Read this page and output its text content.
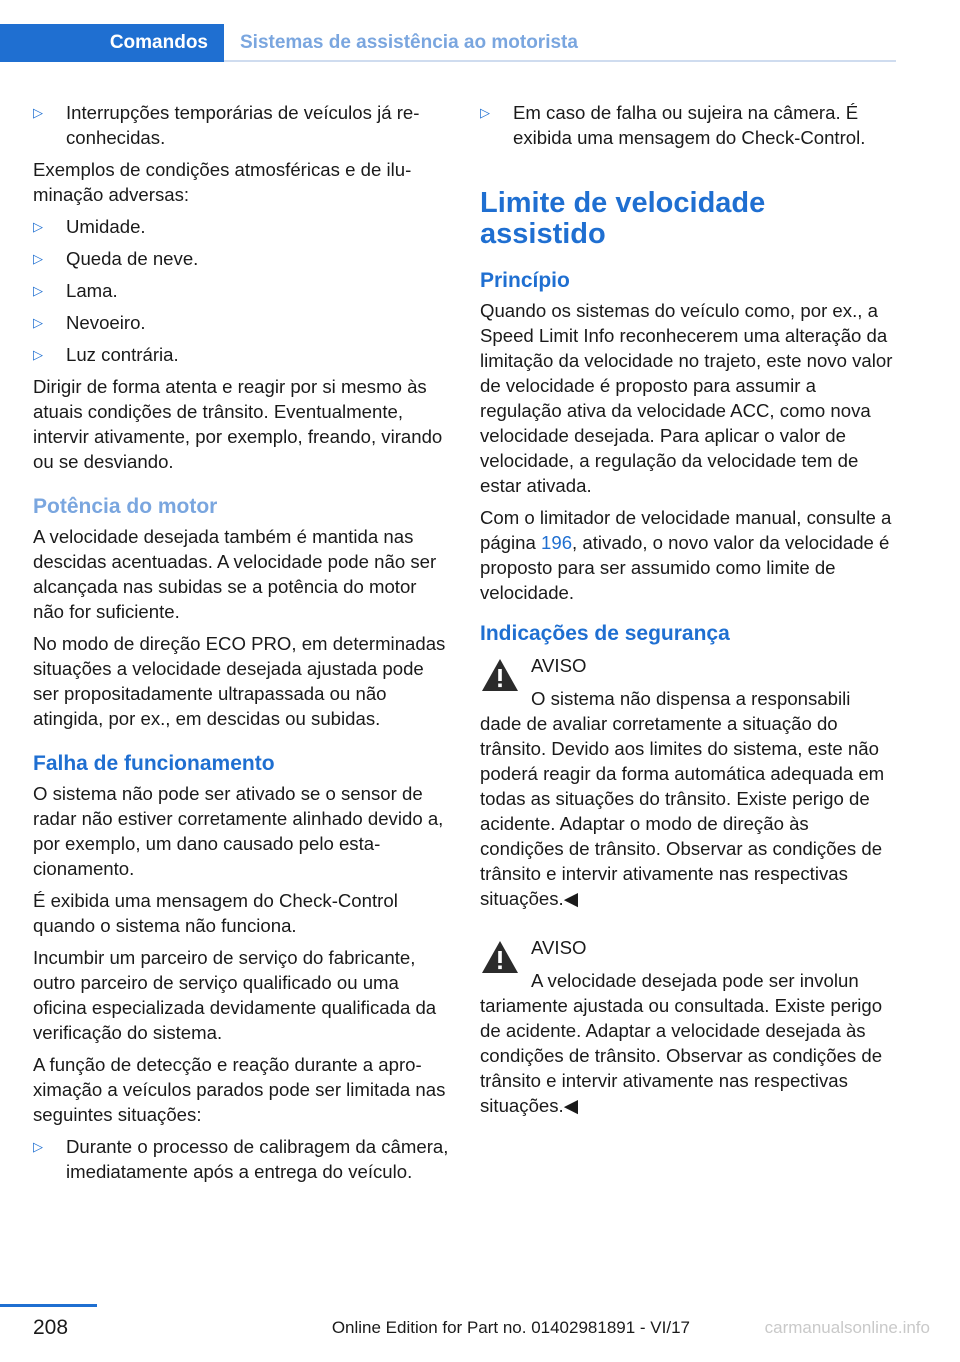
Comandos	Sistemas de assistência ao motorista
▷ Interrupções temporárias de veículos já reconhecidas.

Exemplos de condições atmosféricas e de iluminação adversas:

▷ Umidade.
▷ Queda de neve.
▷ Lama.
▷ Nevoeiro.
▷ Luz contrária.

Dirigir de forma atenta e reagir por si mesmo às atuais condições de trânsito. Eventualmente, intervir ativamente, por exemplo, freando, virando ou se desviando.

Potência do motor

A velocidade desejada também é mantida nas descidas acentuadas. A velocidade pode não ser alcançada nas subidas se a potência do motor não for suficiente.

No modo de direção ECO PRO, em determinadas situações a velocidade desejada ajustada pode ser propositadamente ultrapassada ou não atingida, por ex., em descidas ou subidas.

Falha de funcionamento

O sistema não pode ser ativado se o sensor de radar não estiver corretamente alinhado devido a, por exemplo, um dano causado pelo estacionamento.

É exibida uma mensagem do Check-Control quando o sistema não funciona.

Incumbir um parceiro de serviço do fabricante, outro parceiro de serviço qualificado ou uma oficina especializada devidamente qualificada da verificação do sistema.

A função de detecção e reação durante a aproximação a veículos parados pode ser limitada nas seguintes situações:

▷ Durante o processo de calibragem da câmera, imediatamente após a entrega do veículo.
▷ Em caso de falha ou sujeira na câmera. É exibida uma mensagem do Check-Control.
Limite de velocidade assistido
Princípio

Quando os sistemas do veículo como, por ex., a Speed Limit Info reconhecerem uma alteração da limitação da velocidade no trajeto, este novo valor de velocidade é proposto para assumir a regulação ativa da velocidade ACC, como nova velocidade desejada. Para aplicar o valor de velocidade, a regulação da velocidade tem de estar ativada.

Com o limitador de velocidade manual, consulte a página 196, ativado, o novo valor da velocidade é proposto para ser assumido como limite de velocidade.

Indicações de segurança
AVISO
O sistema não dispensa a responsabili
dade de avaliar corretamente a situação do trânsito. Devido aos limites do sistema, este não poderá reagir da forma automática adequada em todas as situações do trânsito. Existe perigo de acidente. Adaptar o modo de direção às condições de trânsito. Observar as condições de trânsito e intervir ativamente nas respectivas situações.◀
AVISO
A velocidade desejada pode ser involun
tariamente ajustada ou consultada. Existe perigo de acidente. Adaptar a velocidade desejada às condições de trânsito. Observar as condições de trânsito e intervir ativamente nas respectivas situações.◀
208	Online Edition for Part no. 01402981891 - VI/17	carmanualsonline.info
